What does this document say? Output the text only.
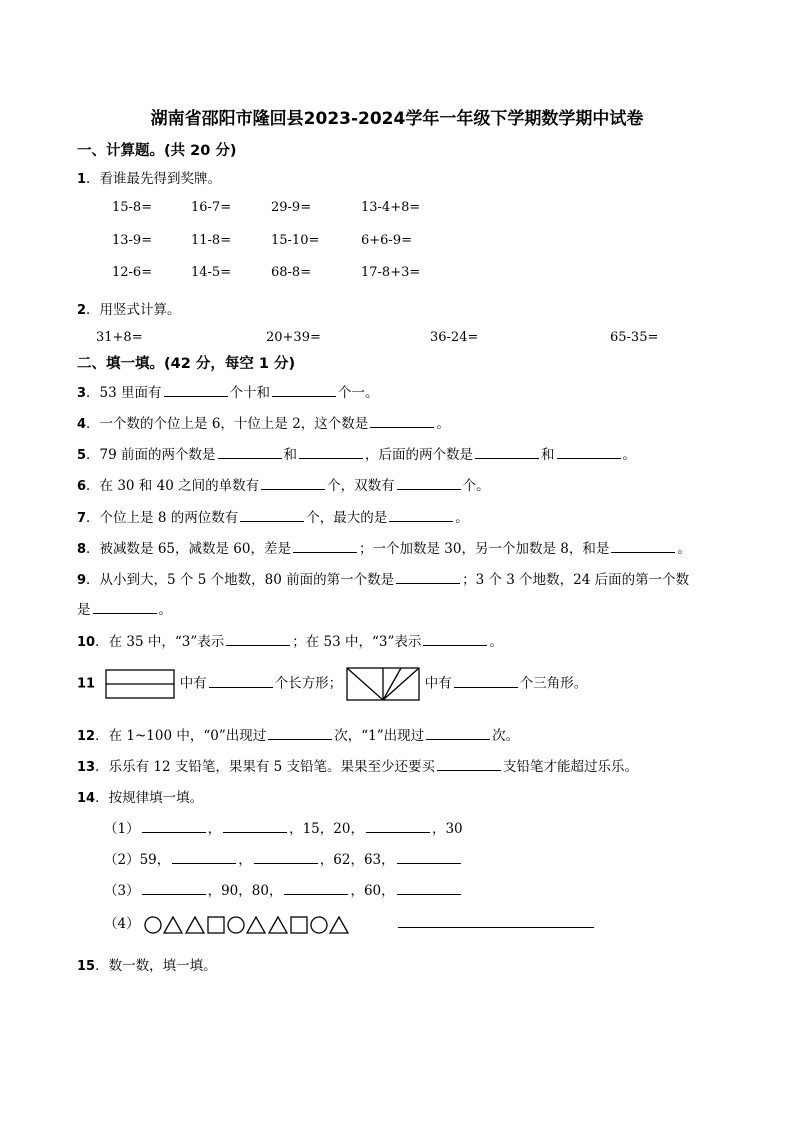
湖南省邵阳市隆回县2023-2024学年一年级下学期数学期中试卷
一、计算题。(共 20 分)
1．看谁最先得到奖牌。
15-8=	16-7=	29-9=	13-4+8=
13-9=	11-8=	15-10=	6+6-9=
12-6=	14-5=	68-8=	17-8+3=
2．用竖式计算。
31+8=	20+39=	36-24=	65-35=
二、填一填。(42 分，每空 1 分)
3．53 里面有	个十和	个一。
4．一个数的个位上是 6，十位上是 2，这个数是	。
5．79 前面的两个数是	和	，后面的两个数是	和	。
6．在 30 和 40 之间的单数有	个，双数有	个。
7．个位上是 8 的两位数有	个，最大的是	。
8．被减数是 65，减数是 60，差是	；一个加数是 30，另一个加数是 8，和是	。
9．从小到大，5 个 5 个地数，80 前面的第一个数是	；3 个 3 个地数，24 后面的第一个数
是	。
10．在 35 中，“3”表示	；在 53 中，“3”表示	。
11	中有	个长方形；	中有	个三角形。
12．在 1~100 中，“0”出现过	次，“1”出现过	次。
13．乐乐有 12 支铅笔，果果有 5 支铅笔。果果至少还要买	支铅笔才能超过乐乐。
14．按规律填一填。
（1）	，	，15，20，	，30
（2）59，	，	，62，63，
（3）	，90，80，	，60，
（4）
15．数一数，填一填。
